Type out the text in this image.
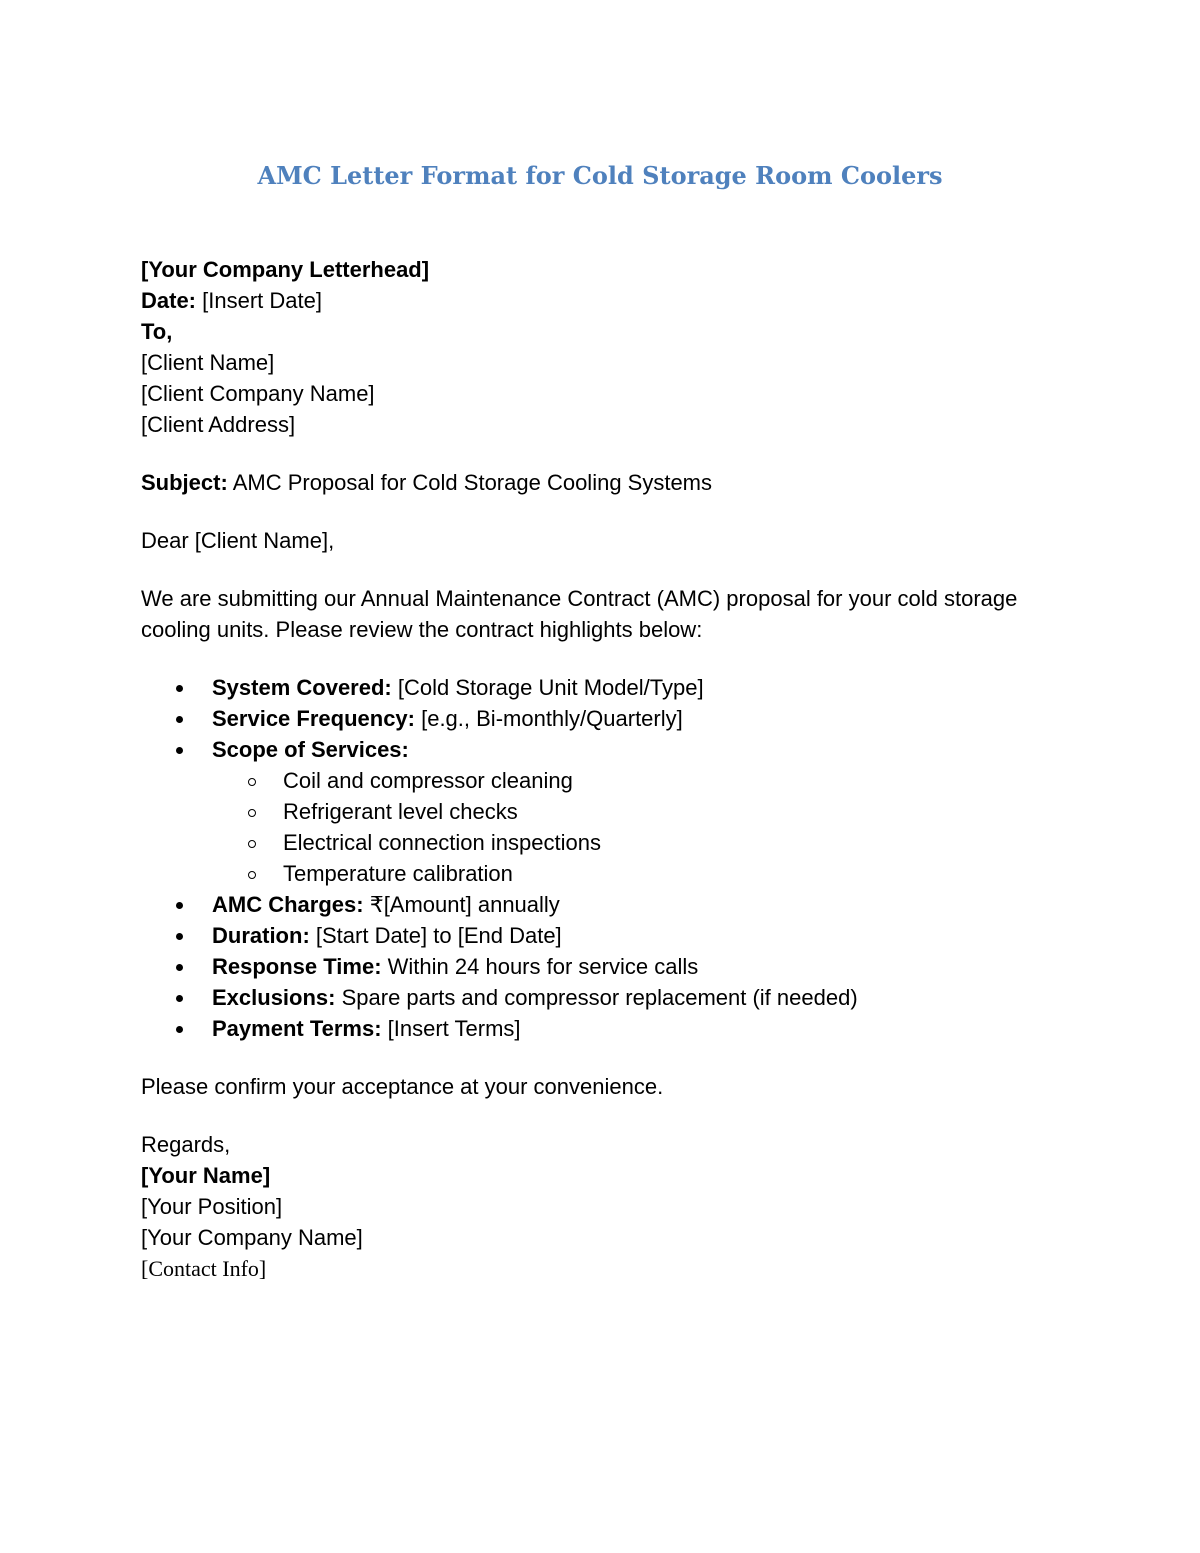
AMC Letter Format for Cold Storage Room Coolers

[Your Company Letterhead]

Date: [Insert Date]

To,

[Client Name]

[Client Company Name]

[Client Address]

Subject: AMC Proposal for Cold Storage Cooling Systems

Dear [Client Name],

We are submitting our Annual Maintenance Contract (AMC) proposal for your cold storage cooling units. Please review the contract highlights below:

System Covered: [Cold Storage Unit Model/Type]
Service Frequency: [e.g., Bi-monthly/Quarterly]
Scope of Services:
Coil and compressor cleaning
Refrigerant level checks
Electrical connection inspections
Temperature calibration
AMC Charges: ₹[Amount] annually
Duration: [Start Date] to [End Date]
Response Time: Within 24 hours for service calls
Exclusions: Spare parts and compressor replacement (if needed)
Payment Terms: [Insert Terms]

Please confirm your acceptance at your convenience.

Regards,

[Your Name]

[Your Position]

[Your Company Name]

[Contact Info]
